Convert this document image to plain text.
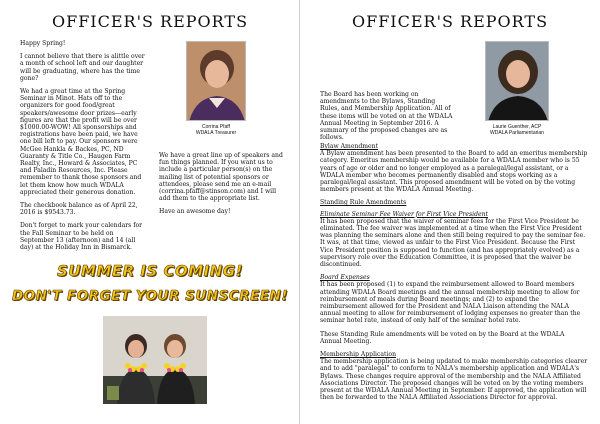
OFFICER'S REPORTS

Happy Spring!

I cannot believe that there is alittle over a month of school left and our daughter will be graduating, where has the time gone?

We had a great time at the Spring Seminar in Minot. Hats off to the organizers for good food/great speakers/awesome door prizes—early figures are that the profit will be over $1000.00-WOW! All sponsorships and registrations have been paid, we have one bill left to pay. Our sponsors were McGee Hankla & Backes, PC, ND Guaranty & Title Co., Haugen Farm Realty, Inc., Howard & Associates, PC and Paladin Resources, Inc. Please remember to thank those sponsors and let them know how much WDALA appreciated their generous donation.

The checkbook balance as of April 22, 2016 is $9543.73.

Don't forget to mark your calendars for the Fall Seminar to be held on September 13 (afternoon) and 14 (all day) at the Holiday Inn in Bismarck.

Corrina Pfaff
WDALA Treasurer

We have a great line up of speakers and fun things planned. If you want us to include a particular person(s) on the mailing list of potential sponsors or attendees, please send me an e-mail (corrina.pfaff@stinson.com) and I will add them to the appropriate list.

Have an awesome day!

SUMMER IS COMING!
DON'T FORGET YOUR SUNSCREEN!
OFFICER'S REPORTS
Laurie Guenther, ACP
WDALA Parliamentarian
The Board has been working on amendments to the Bylaws, Standing Rules, and Membership Application. All of these items will be voted on at the WDALA Annual Meeting in September 2016. A summary of the proposed changes are as follows.
Bylaw Amendment

A Bylaw amendment has been presented to the Board to add an emeritus membership category. Emeritus membership would be available for a WDALA member who is 55 years of age or older and no longer employed as a paralegal/legal assistant, or a WDALA member who becomes permanently disabled and stops working as a paralegal/legal assistant. This proposed amendment will be voted on by the voting members present at the WDALA Annual Meeting.

Standing Rule Amendments

Eliminate Seminar Fee Waiver for First Vice President

It has been proposed that the waiver of seminar fees for the First Vice President be eliminated. The fee waiver was implemented at a time when the First Vice President was planning the seminars alone and then still being required to pay the seminar fee. It was, at that time, viewed as unfair to the First Vice President. Because the First Vice President position is supposed to function (and has appropriately evolved) as a supervisory role over the Education Committee, it is proposed that the waiver be discontinued.

Board Expenses

It has been proposed (1) to expand the reimbursement allowed to Board members attending WDALA Board meetings and the annual membership meeting to allow for reimbursement of meals during Board meetings; and (2) to expand the reimbursement allowed for the President and NALA Liaison attending the NALA annual meeting to allow for reimbursement of lodging expenses no greater than the seminar hotel rate, instead of only half of the seminar hotel rate.

These Standing Rule amendments will be voted on by the Board at the WDALA Annual Meeting.

Membership Application

The membership application is being updated to make membership categories clearer and to add "paralegal" to conform to NALA's membership application and WDALA's Bylaws. These changes require approval of the membership and the NALA Affiliated Associations Director. The proposed changes will be voted on by the voting members present at the WDALA Annual Meeting in September. If approved, the application will then be forwarded to the NALA Affiliated Associations Director for approval.
